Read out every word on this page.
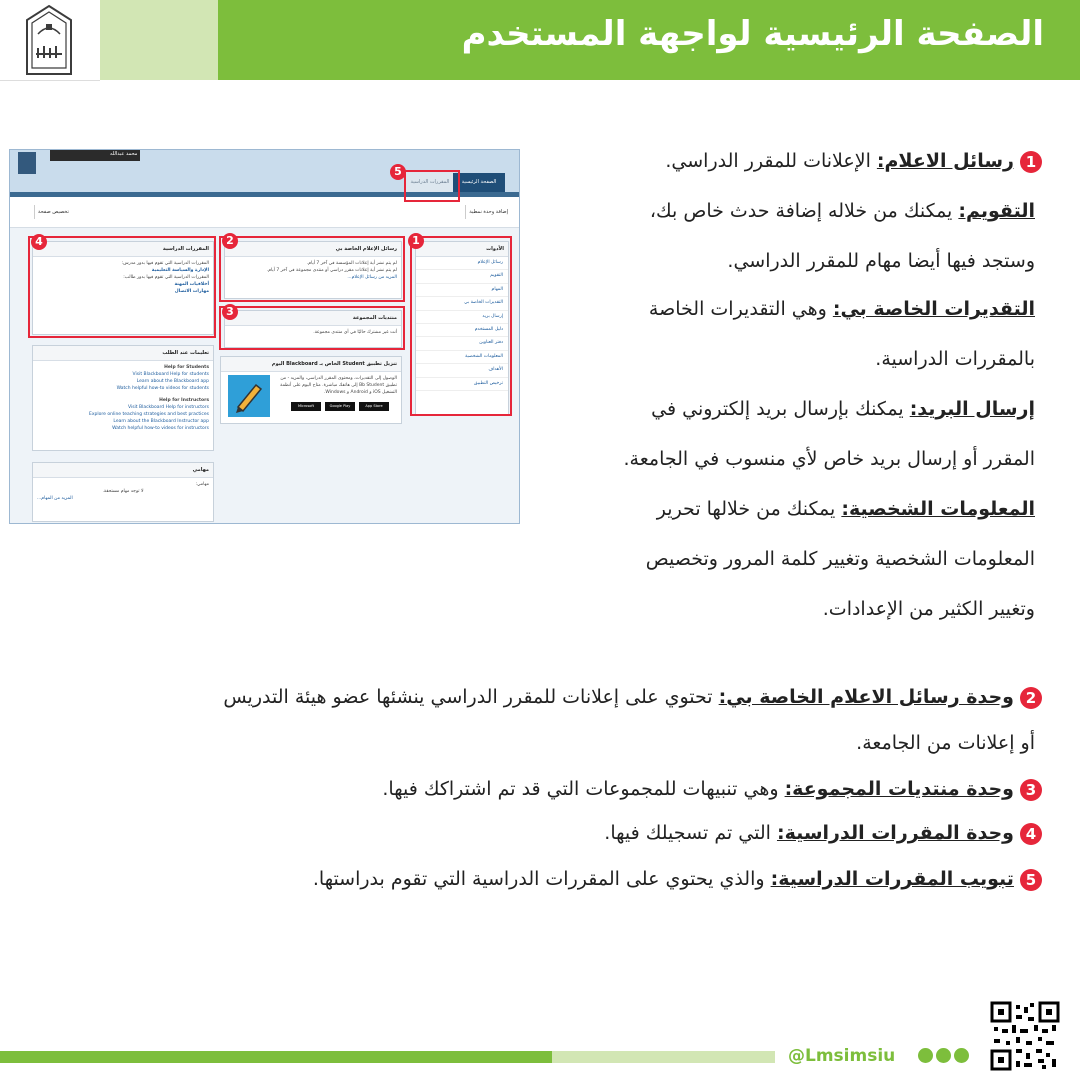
الصفحة الرئيسية لواجهة المستخدم
محمد عبدالله
المقررات الدراسية	الصفحة الرئيسية
إضافة وحدة نمطية
تخصيص صفحة
الأدوات
رسائل الإعلام
التقويم
المهام
التقديرات الخاصة بي
إرسال بريد
دليل المستخدم
دفتر العناوين
المعلومات الشخصية
الأهداف
ترخيص التطبيق
رسائل الإعلام الخاصة بي
لم يتم نشر أية إعلانات المؤسسة في آخر 7 أيام.
لم يتم نشر أية إعلانات مقرر دراسي أو منتدى مجموعة في آخر 7 أيام.
المزيد من رسائل الإعلام...
منتديات المجموعة
أنت غير مشترك حاليًا في أي منتدى مجموعة.
تنزيل تطبيق Student الخاص بـ Blackboard اليوم
الوصول إلى التقديرات، ومحتوى المقرر الدراسي، والمزيد - من تطبيق Bb Student إلى هاتفك مباشرة. متاح اليوم على أنظمة التشغيل iOS و Android و Windows.
Microsoft	Google Play	App Store
المقررات الدراسية
المقررات الدراسية التي تقوم فيها بدور مدرس:
الإدارة والسياسة التعليمية
المقررات الدراسية التي تقوم فيها بدور طالب:
أخلاقيات المهنة
مهارات الاتصال
تعليمات عند الطلب
Help for Students
Visit Blackboard Help for students
Learn about the Blackboard app
Watch helpful how-to videos for students
Help for Instructors
Visit Blackboard Help for instructors
Explore online teaching strategies and best practices
Learn about the Blackboard Instructor app
Watch helpful how-to videos for instructors
مهامي
مهامي:
لا توجد مهام مستحقة.
المزيد من المهام...
1
2
3
4
5
1 رسائل الاعلام: الإعلانات للمقرر الدراسي.
التقويم: يمكنك من خلاله إضافة حدث خاص بك،
وستجد فيها أيضا مهام للمقرر الدراسي.
التقديرات الخاصة بي: وهي التقديرات الخاصة
بالمقررات الدراسية.
إرسال البريد: يمكنك بإرسال بريد إلكتروني في
المقرر أو إرسال بريد خاص لأي منسوب في الجامعة.
المعلومات الشخصية: يمكنك من خلالها تحرير
المعلومات الشخصية وتغيير كلمة المرور وتخصيص
وتغيير الكثير من الإعدادات.
2 وحدة رسائل الاعلام الخاصة بي: تحتوي على إعلانات للمقرر الدراسي ينشئها عضو هيئة التدريس
أو إعلانات من الجامعة.
3 وحدة منتديات المجموعة: وهي تنبيهات للمجموعات التي قد تم اشتراكك فيها.
4 وحدة المقررات الدراسية: التي تم تسجيلك فيها.
5 تبويب المقررات الدراسية: والذي يحتوي على المقررات الدراسية التي تقوم بدراستها.
@Lmsimsiu
